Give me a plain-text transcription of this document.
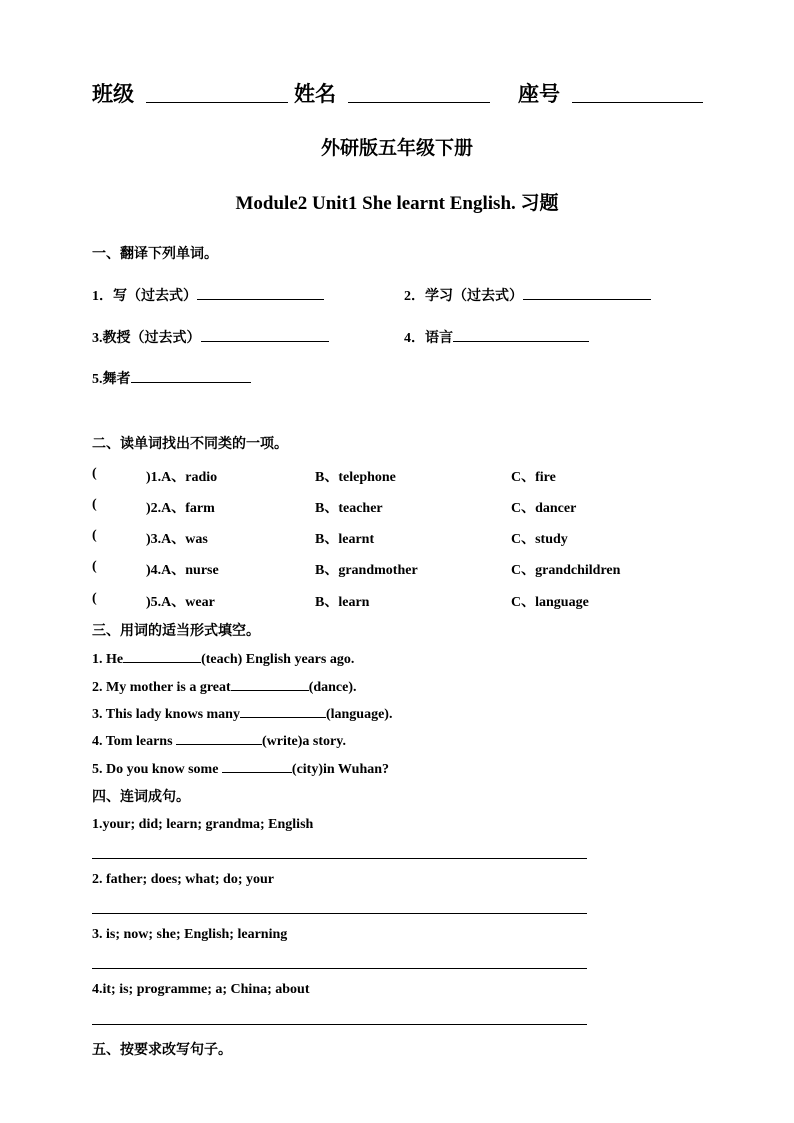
班级	姓名	座号
外研版五年级下册
Module2 Unit1 She learnt English. 习题
一、翻译下列单词。
1．写（过去式）	2．学习（过去式）
3.教授（过去式）	4．语言
5.舞者
二、读单词找出不同类的一项。
(	)1.A、radio	B、telephone	C、fire
(	)2.A、farm	B、teacher	C、dancer
(	)3.A、was	B、learnt	C、study
(	)4.A、nurse	B、grandmother	C、grandchildren
(	)5.A、wear	B、learn	C、language
三、用词的适当形式填空。
1. He	(teach) English years ago.
2. My mother is a great	(dance).
3. This lady knows many	(language).
4. Tom learns	(write)a story.
5. Do you know some	(city)in Wuhan?
四、连词成句。
1.your; did; learn; grandma; English
2. father; does; what; do; your
3. is; now; she; English; learning
4.it; is; programme; a; China; about
五、按要求改写句子。
